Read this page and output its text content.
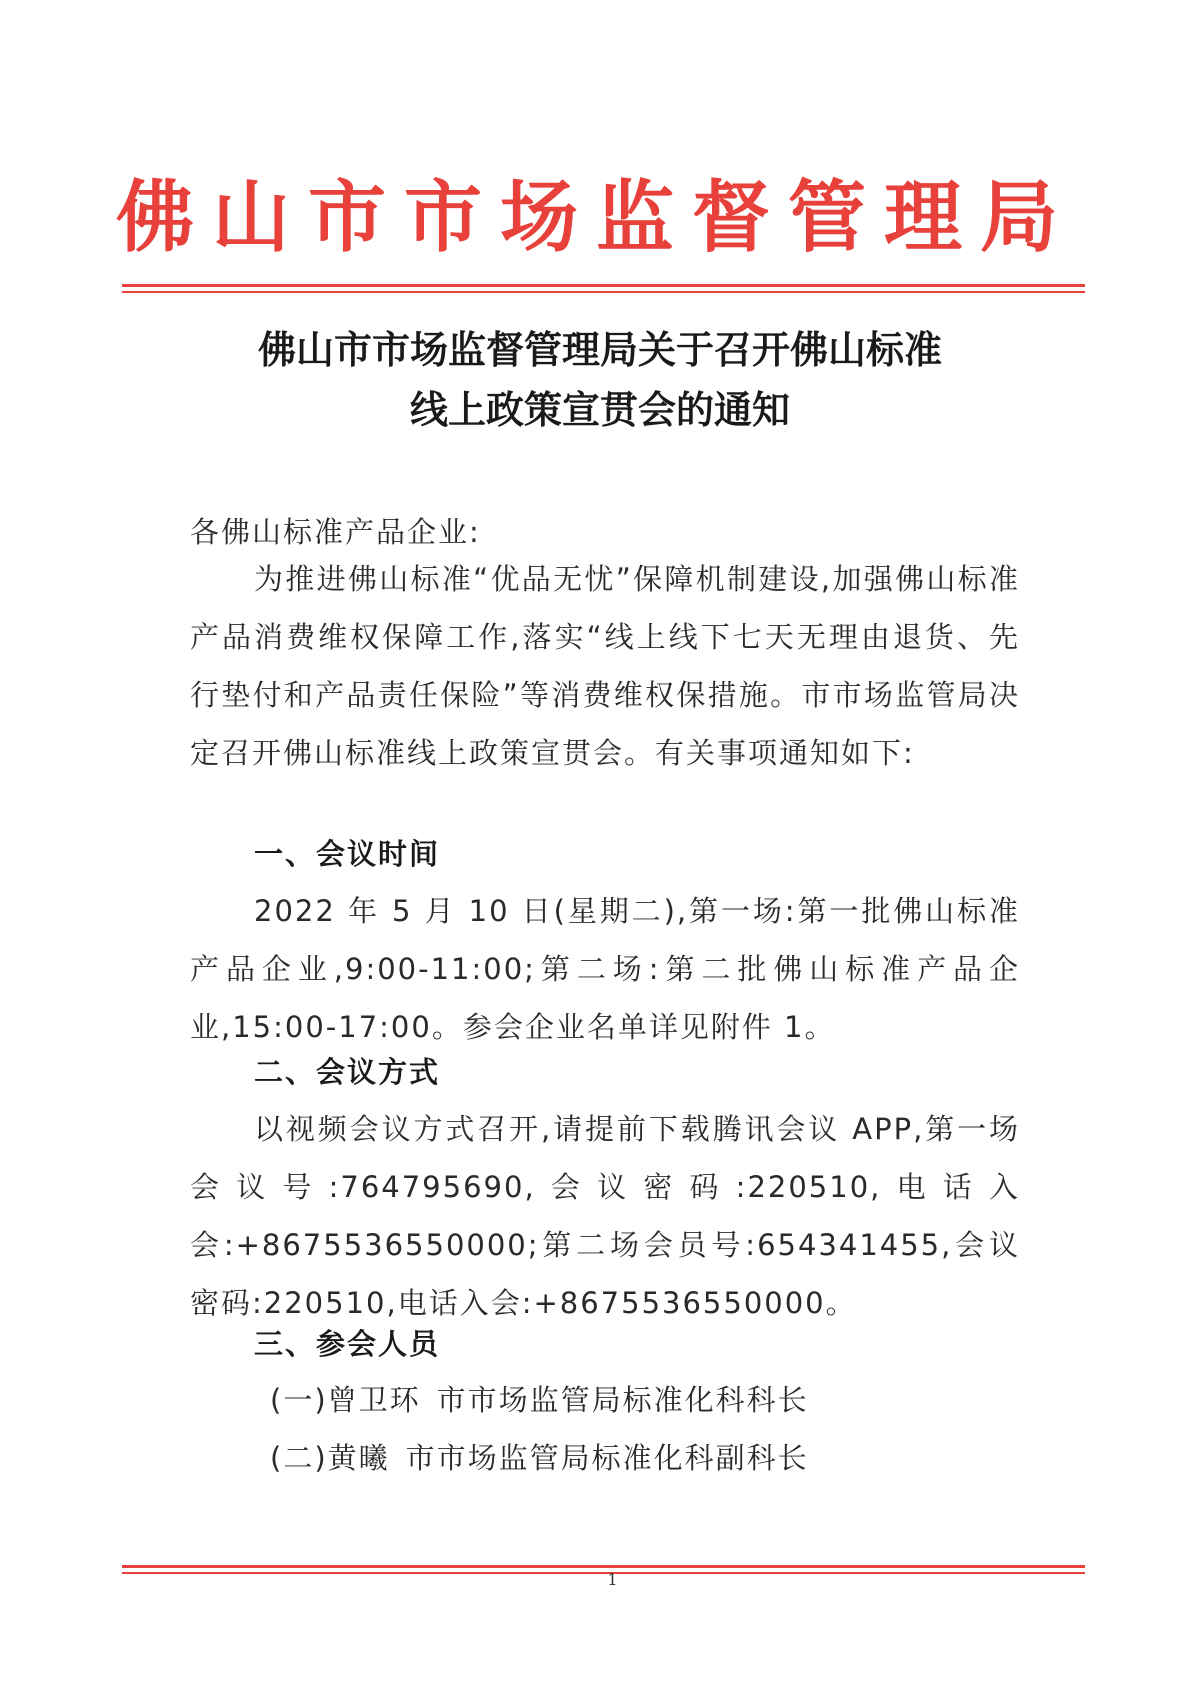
佛山市市场监督管理局
佛山市市场监督管理局关于召开佛山标准
线上政策宣贯会的通知
各佛山标准产品企业:
为推进佛山标准“优品无忧”保障机制建设,加强佛山标准产品消费维权保障工作,落实“线上线下七天无理由退货、先行垫付和产品责任保险”等消费维权保措施。市市场监管局决定召开佛山标准线上政策宣贯会。有关事项通知如下:
一、会议时间
2022 年 5 月 10 日(星期二),第一场:第一批佛山标准产品企业,9:00-11:00;第二场:第二批佛山标准产品企业,15:00-17:00。参会企业名单详见附件 1。
二、会议方式
以视频会议方式召开,请提前下载腾讯会议 APP,第一场会议号:764795690,会议密码:220510,电话入会:+8675536550000;第二场会员号:654341455,会议密码:220510,电话入会:+8675536550000。
三、参会人员
(一)曾卫环 市市场监管局标准化科科长
(二)黄曦 市市场监管局标准化科副科长
1
